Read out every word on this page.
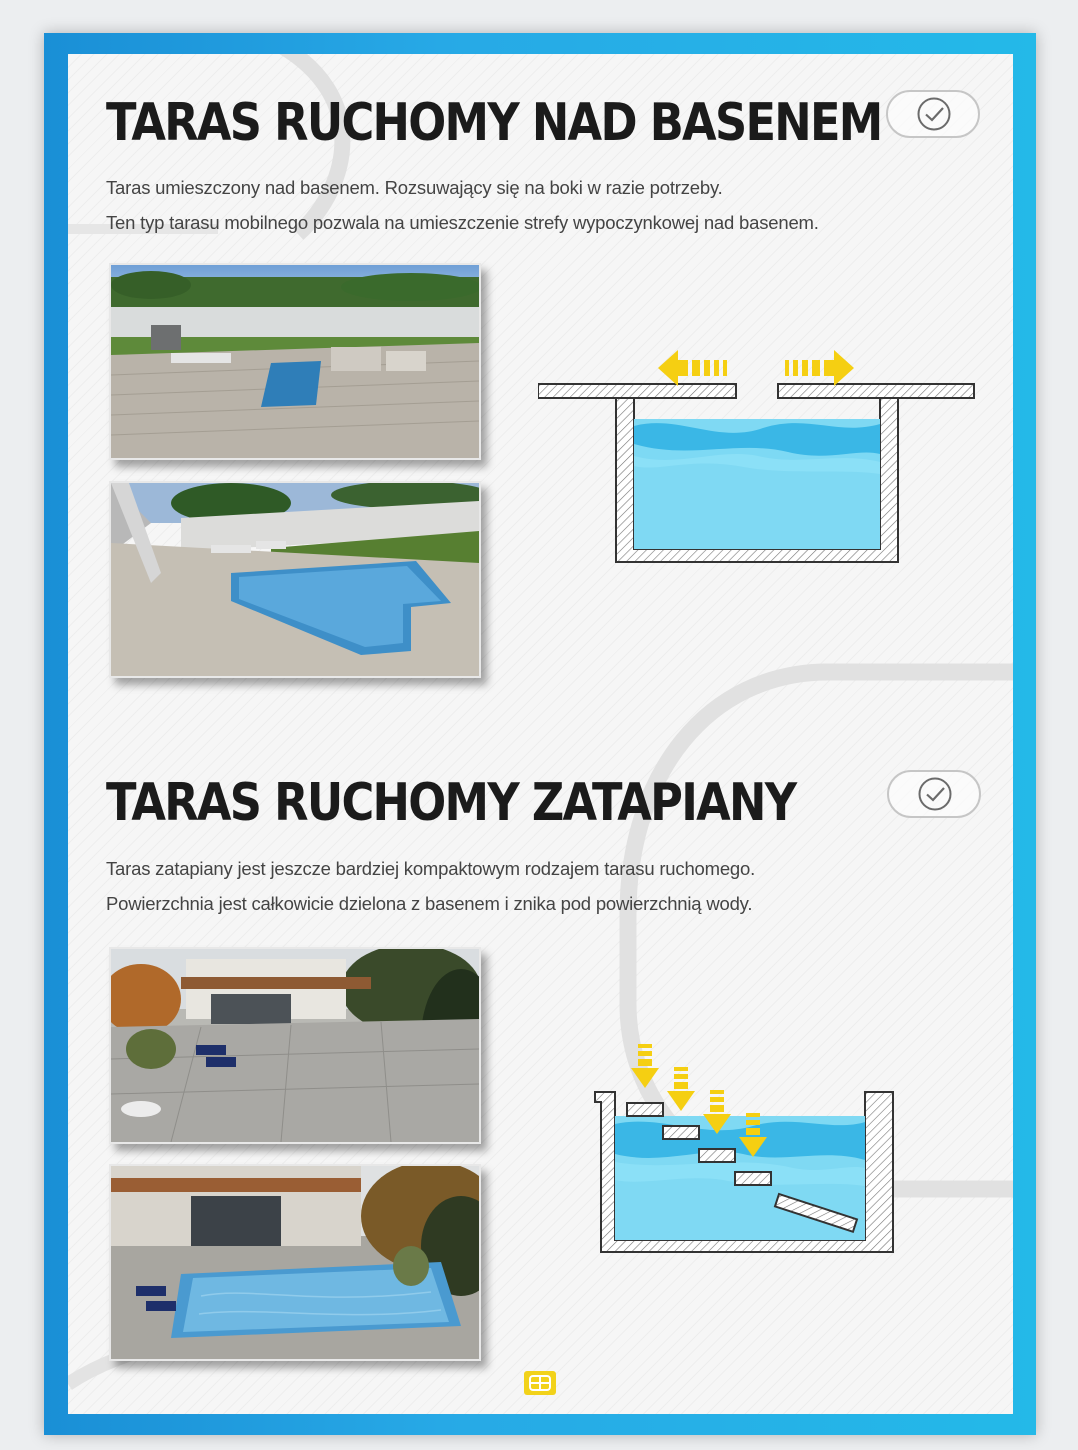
TARAS RUCHOMY NAD BASENEM

Taras umieszczony nad basenem. Rozsuwający się na boki w razie potrzeby.
Ten typ tarasu mobilnego pozwala na umieszczenie strefy wypoczynkowej nad basenem.

TARAS RUCHOMY ZATAPIANY

Taras zatapiany jest jeszcze bardziej kompaktowym rodzajem tarasu ruchomego.
Powierzchnia jest całkowicie dzielona z basenem i znika pod powierzchnią wody.
